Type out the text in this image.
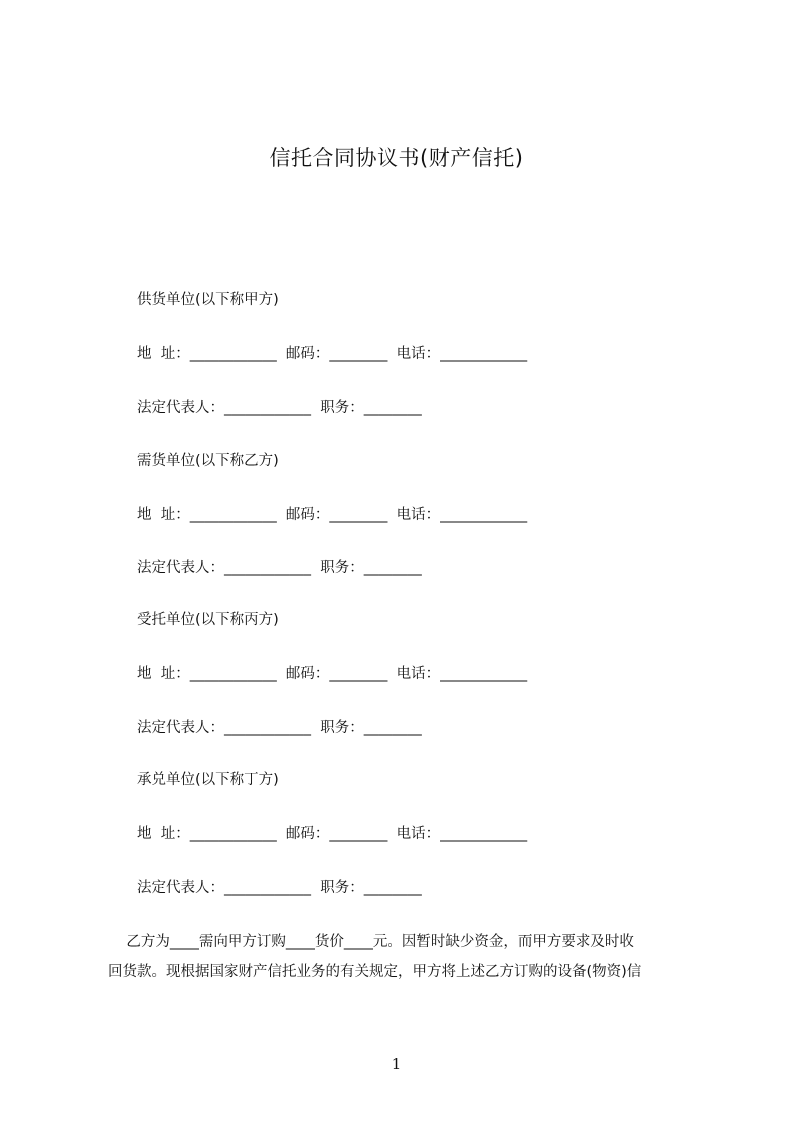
信托合同协议书(财产信托)
供货单位(以下称甲方)
地  址：____________  邮码：________  电话：____________
法定代表人：____________  职务：________
需货单位(以下称乙方)
地  址：____________  邮码：________  电话：____________
法定代表人：____________  职务：________
受托单位(以下称丙方)
地  址：____________  邮码：________  电话：____________
法定代表人：____________  职务：________
承兑单位(以下称丁方)
地  址：____________  邮码：________  电话：____________
法定代表人：____________  职务：________
乙方为____需向甲方订购____货价____元。因暂时缺少资金，而甲方要求及时收
回货款。现根据国家财产信托业务的有关规定，甲方将上述乙方订购的设备(物资)信
1
